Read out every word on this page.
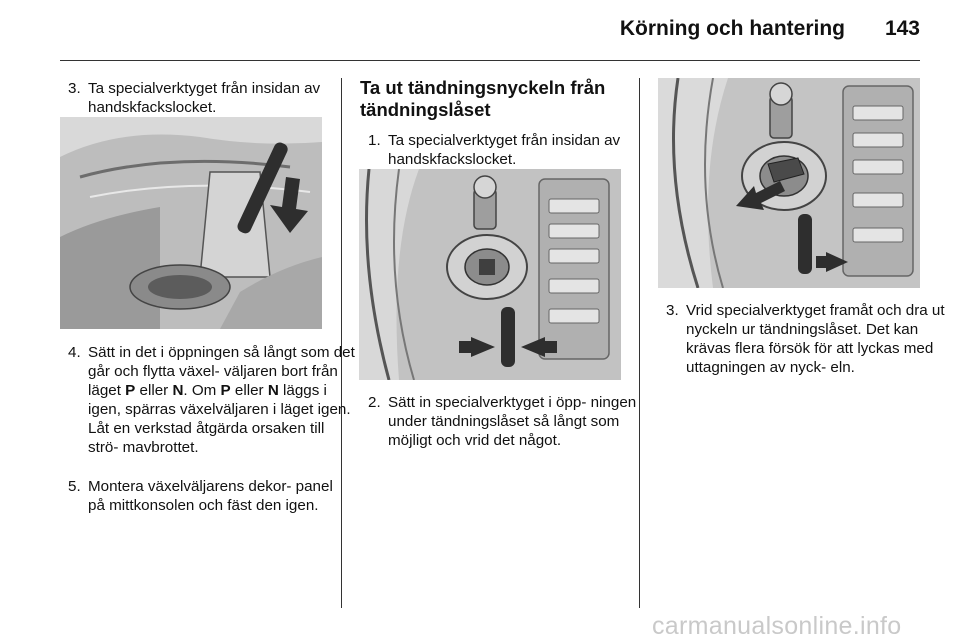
Körning och hantering	143
3. Ta specialverktyget från insidan av handskfackslocket.
4. Sätt in det i öppningen så långt som det går och flytta växel- väljaren bort från läget P eller N. Om P eller N läggs i igen, spärras växelväljaren i läget igen. Låt en verkstad åtgärda orsaken till strö- mavbrottet.
5. Montera växelväljarens dekor- panel på mittkonsolen och fäst den igen.
Ta ut tändningsnyckeln från tändningslåset
1. Ta specialverktyget från insidan av handskfackslocket.
2. Sätt in specialverktyget i öpp- ningen under tändningslåset så långt som möjligt och vrid det något.
3. Vrid specialverktyget framåt och dra ut nyckeln ur tändningslåset. Det kan krävas flera försök för att lyckas med uttagningen av nyck- eln.
carmanualsonline.info
